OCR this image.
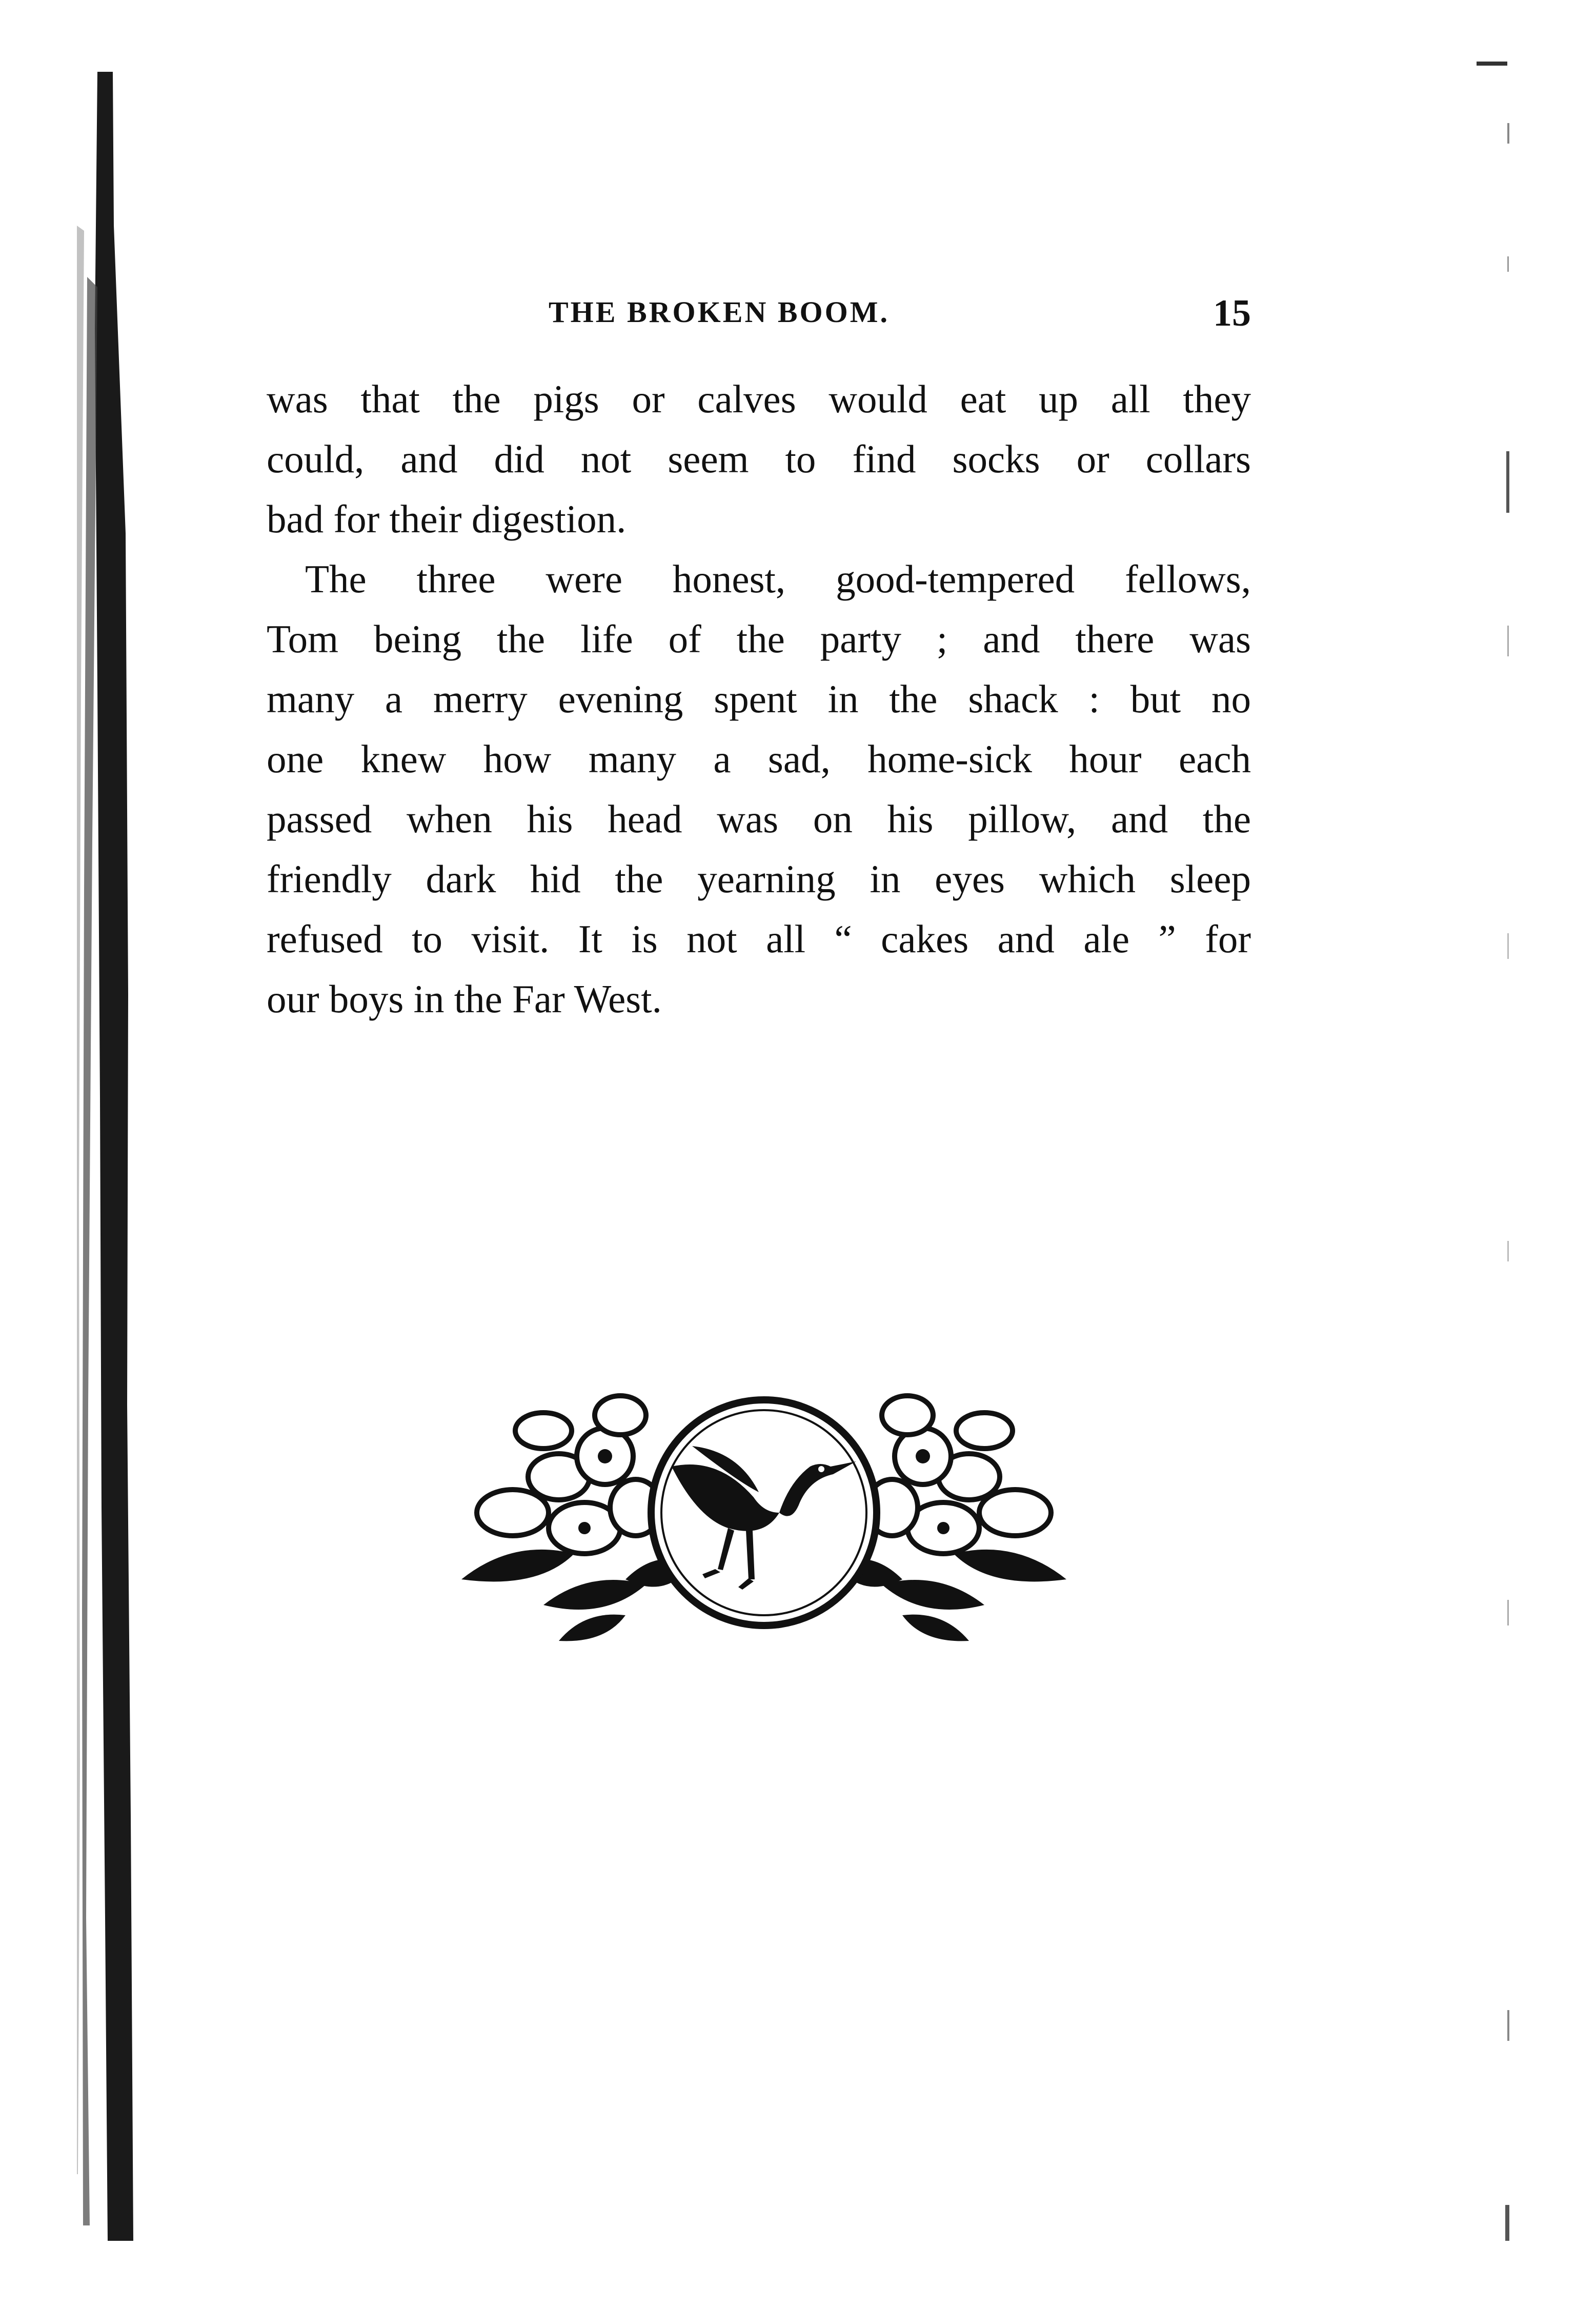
THE BROKEN BOOM.	15
was that the pigs or calves would eat up all they
could, and did not seem to find socks or collars
bad for their digestion.
The three were honest, good-tempered fellows,
Tom being the life of the party ; and there was
many a merry evening spent in the shack : but no
one knew how many a sad, home-sick hour each
passed when his head was on his pillow, and the
friendly dark hid the yearning in eyes which sleep
refused to visit. It is not all “ cakes and ale ” for
our boys in the Far West.
